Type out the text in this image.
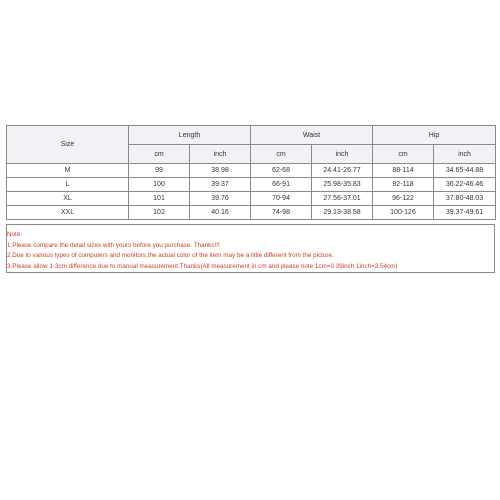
Size	Length		Waist		Hip	
	cm	inch	cm	inch	cm	inch
M	99	38.98	62-68	24.41-26.77	88-114	34.65-44.88
L	100	39.37	66-91	25.98-35.83	92-118	36.22-46.46
XL	101	39.76	70-94	27.56-37.01	96-122	37.80-48.03
XXL	102	40.16	74-98	29.13-38.58	100-126	39.37-49.61
Note:
1.Please compare the detail sizes with yours before you purchase. Thanks!!!
2.Due to various types of computers and monitors,the actual color of the item may be a little different from the picture.
3.Please allow 1-3cm difference due to manual measurement.Thanks(All measurement in cm and please note 1cm=0.39inch 1inch=2.54cm)
